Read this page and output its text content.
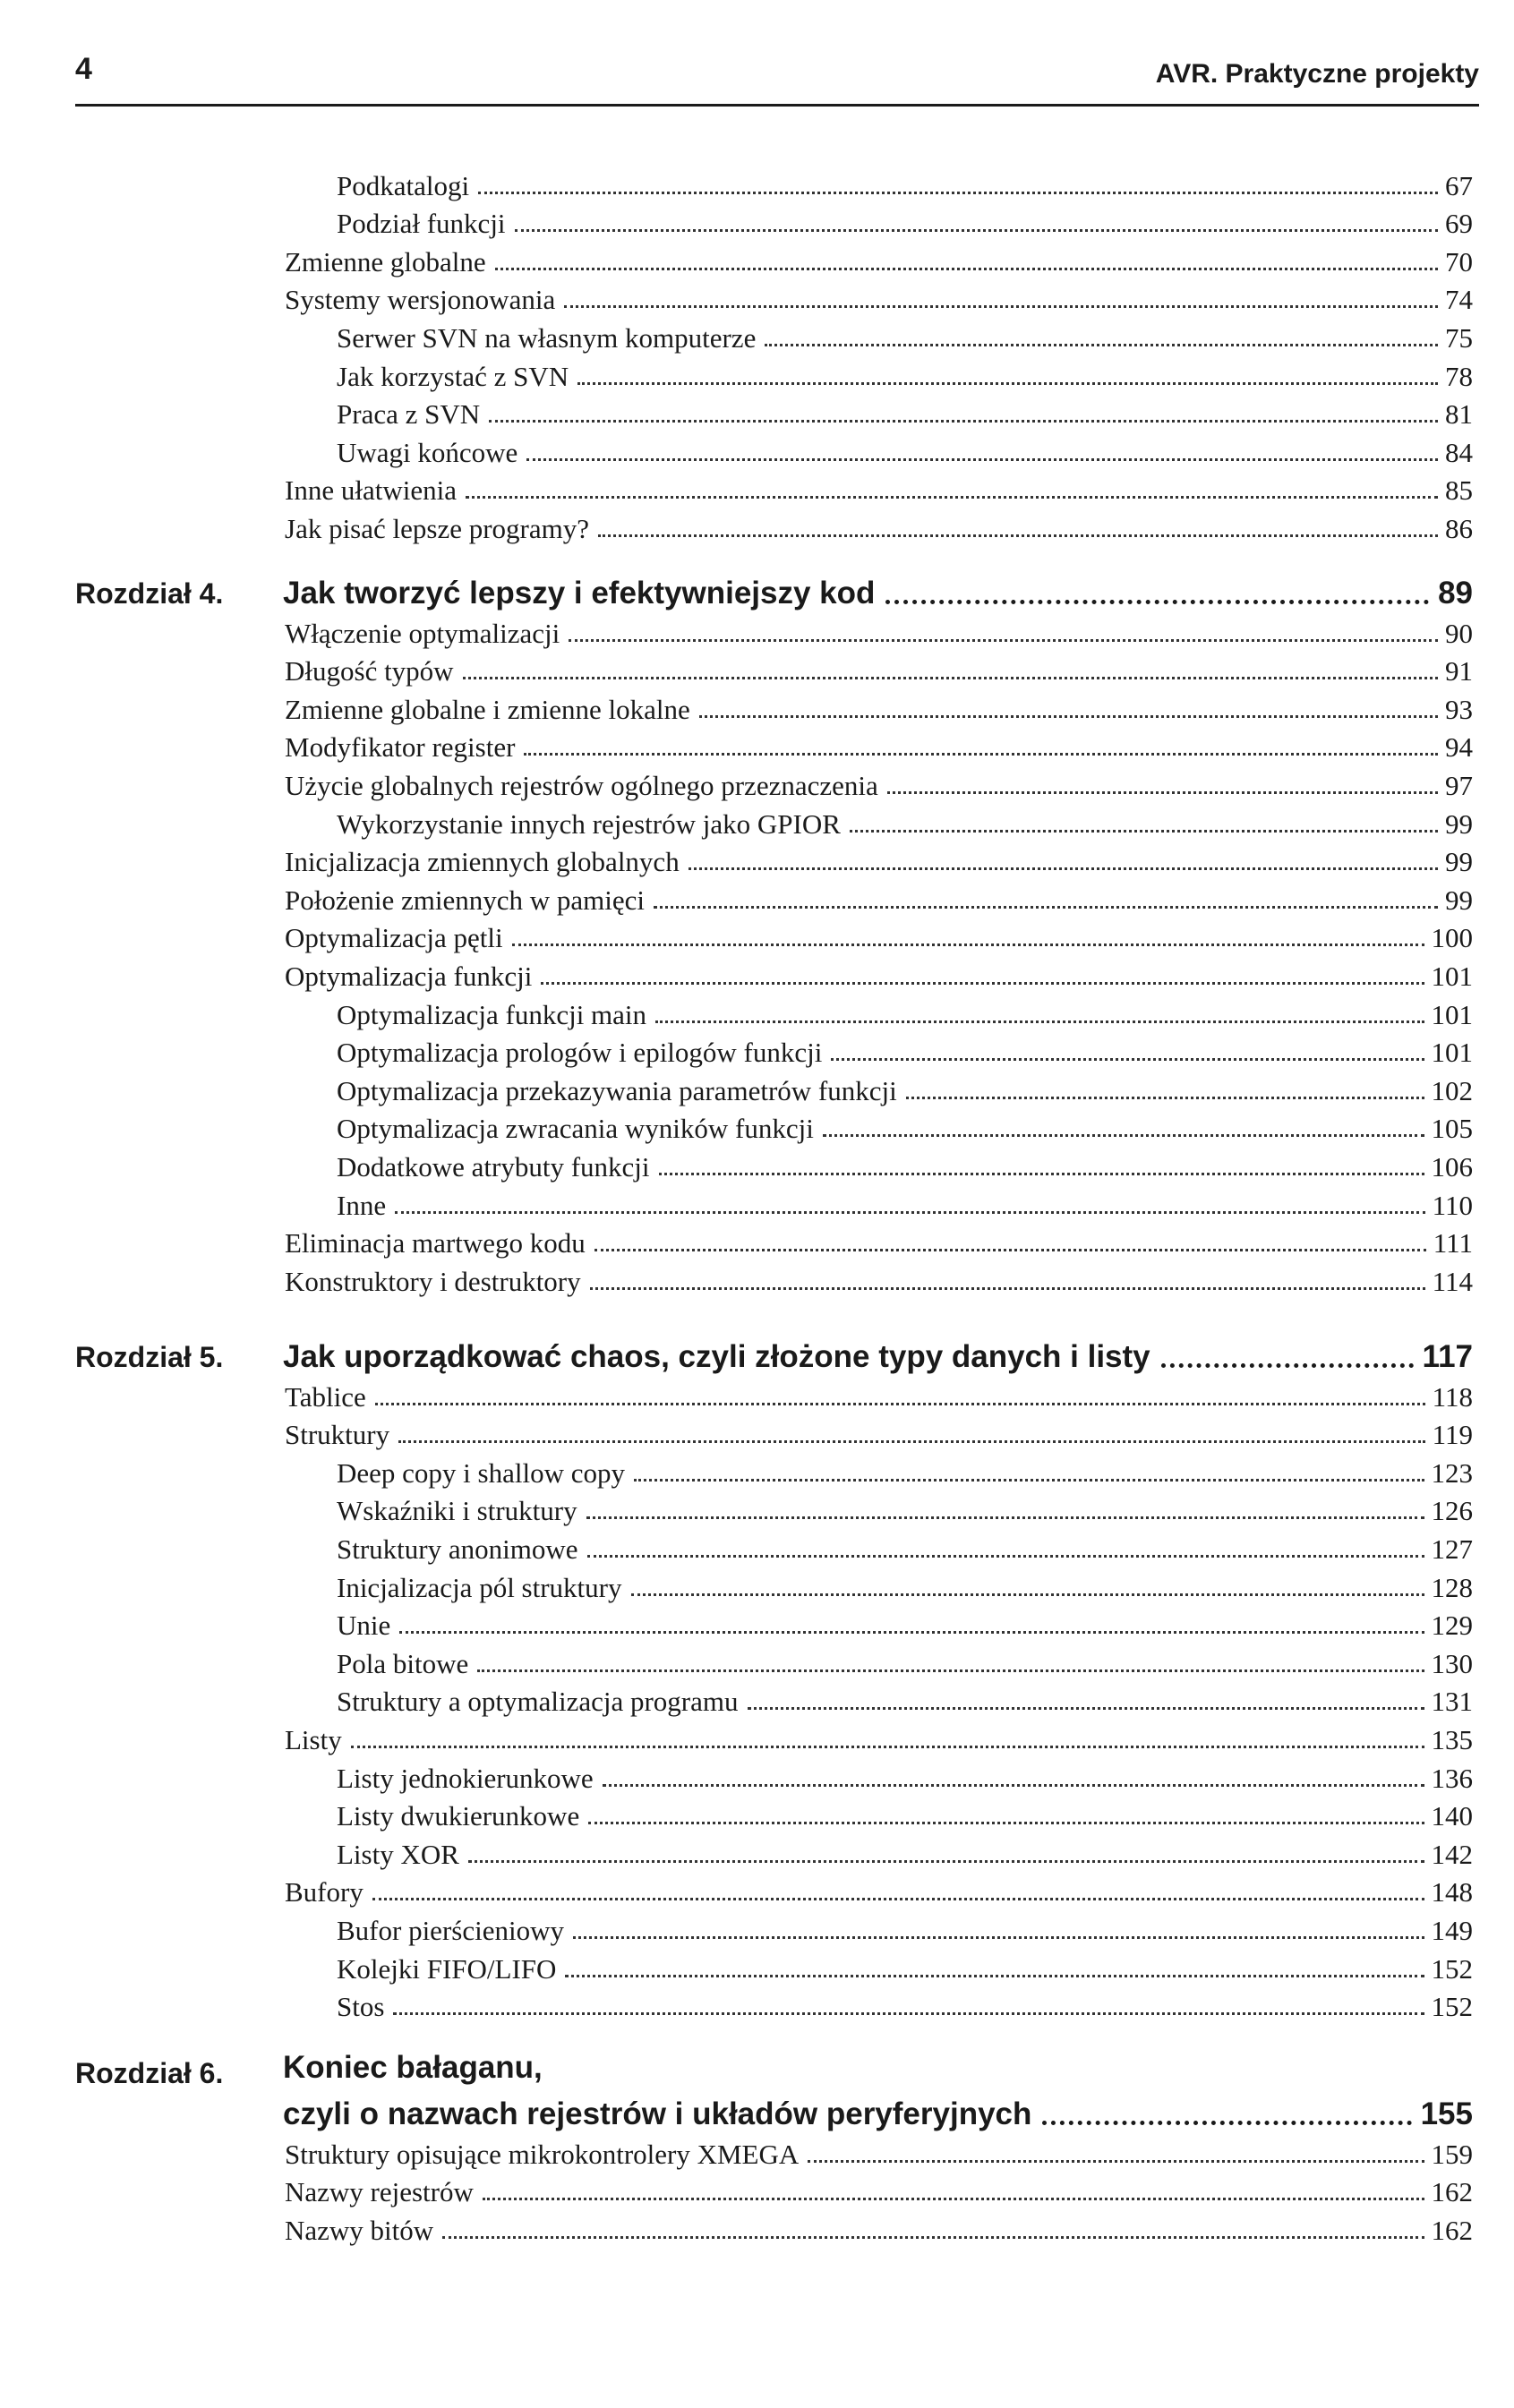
4	AVR. Praktyczne projekty
Podkatalogi	67
Podział funkcji	69
Zmienne globalne	70
Systemy wersjonowania	74
Serwer SVN na własnym komputerze	75
Jak korzystać z SVN	78
Praca z SVN	81
Uwagi końcowe	84
Inne ułatwienia	85
Jak pisać lepsze programy?	86
Rozdział 4.	Jak tworzyć lepszy i efektywniejszy kod	89
Włączenie optymalizacji	90
Długość typów	91
Zmienne globalne i zmienne lokalne	93
Modyfikator register	94
Użycie globalnych rejestrów ogólnego przeznaczenia	97
Wykorzystanie innych rejestrów jako GPIOR	99
Inicjalizacja zmiennych globalnych	99
Położenie zmiennych w pamięci	99
Optymalizacja pętli	100
Optymalizacja funkcji	101
Optymalizacja funkcji main	101
Optymalizacja prologów i epilogów funkcji	101
Optymalizacja przekazywania parametrów funkcji	102
Optymalizacja zwracania wyników funkcji	105
Dodatkowe atrybuty funkcji	106
Inne	110
Eliminacja martwego kodu	111
Konstruktory i destruktory	114
Rozdział 5.	Jak uporządkować chaos, czyli złożone typy danych i listy	117
Tablice	118
Struktury	119
Deep copy i shallow copy	123
Wskaźniki i struktury	126
Struktury anonimowe	127
Inicjalizacja pól struktury	128
Unie	129
Pola bitowe	130
Struktury a optymalizacja programu	131
Listy	135
Listy jednokierunkowe	136
Listy dwukierunkowe	140
Listy XOR	142
Bufory	148
Bufor pierścieniowy	149
Kolejki FIFO/LIFO	152
Stos	152
Rozdział 6.	Koniec bałaganu,
czyli o nazwach rejestrów i układów peryferyjnych	155
Struktury opisujące mikrokontrolery XMEGA	159
Nazwy rejestrów	162
Nazwy bitów	162
